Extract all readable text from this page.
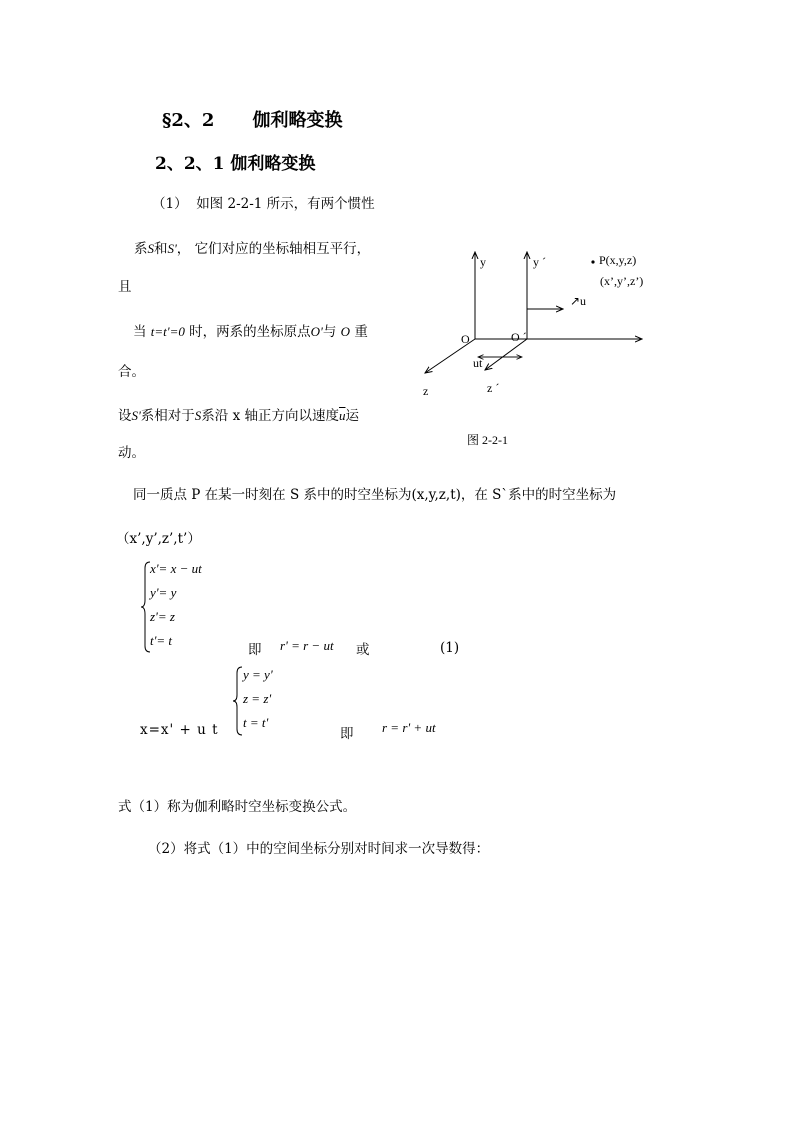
§2、2 伽利略变换
2、2、1 伽利略变换
（1） 如图 2-2-1 所示，有两个惯性
系S和S'， 它们对应的坐标轴相互平行，
且
当 t=t'=0 时，两系的坐标原点O'与 O 重
合。
设S'系相对于S系沿 x 轴正方向以速度$\overline{u}$运
动。
↗u
y	y ´	P(x,y,z)
(x’,y’,z’)
O	O ´
ut
z	z ´
图 2-2-1
同一质点 P 在某一时刻在 S 系中的时空坐标为(x,y,z,t)，在 S`系中的时空坐标为
（x’,y’,z’,t’）
x'= x − ut
y'= y
z'= z
t'= t
即 r' = r − ut 或	(1)
y = y'
z = z'
t = t'
x=x' + u t	即 r = r' + ut
式（1）称为伽利略时空坐标变换公式。
（2）将式（1）中的空间坐标分别对时间求一次导数得：
